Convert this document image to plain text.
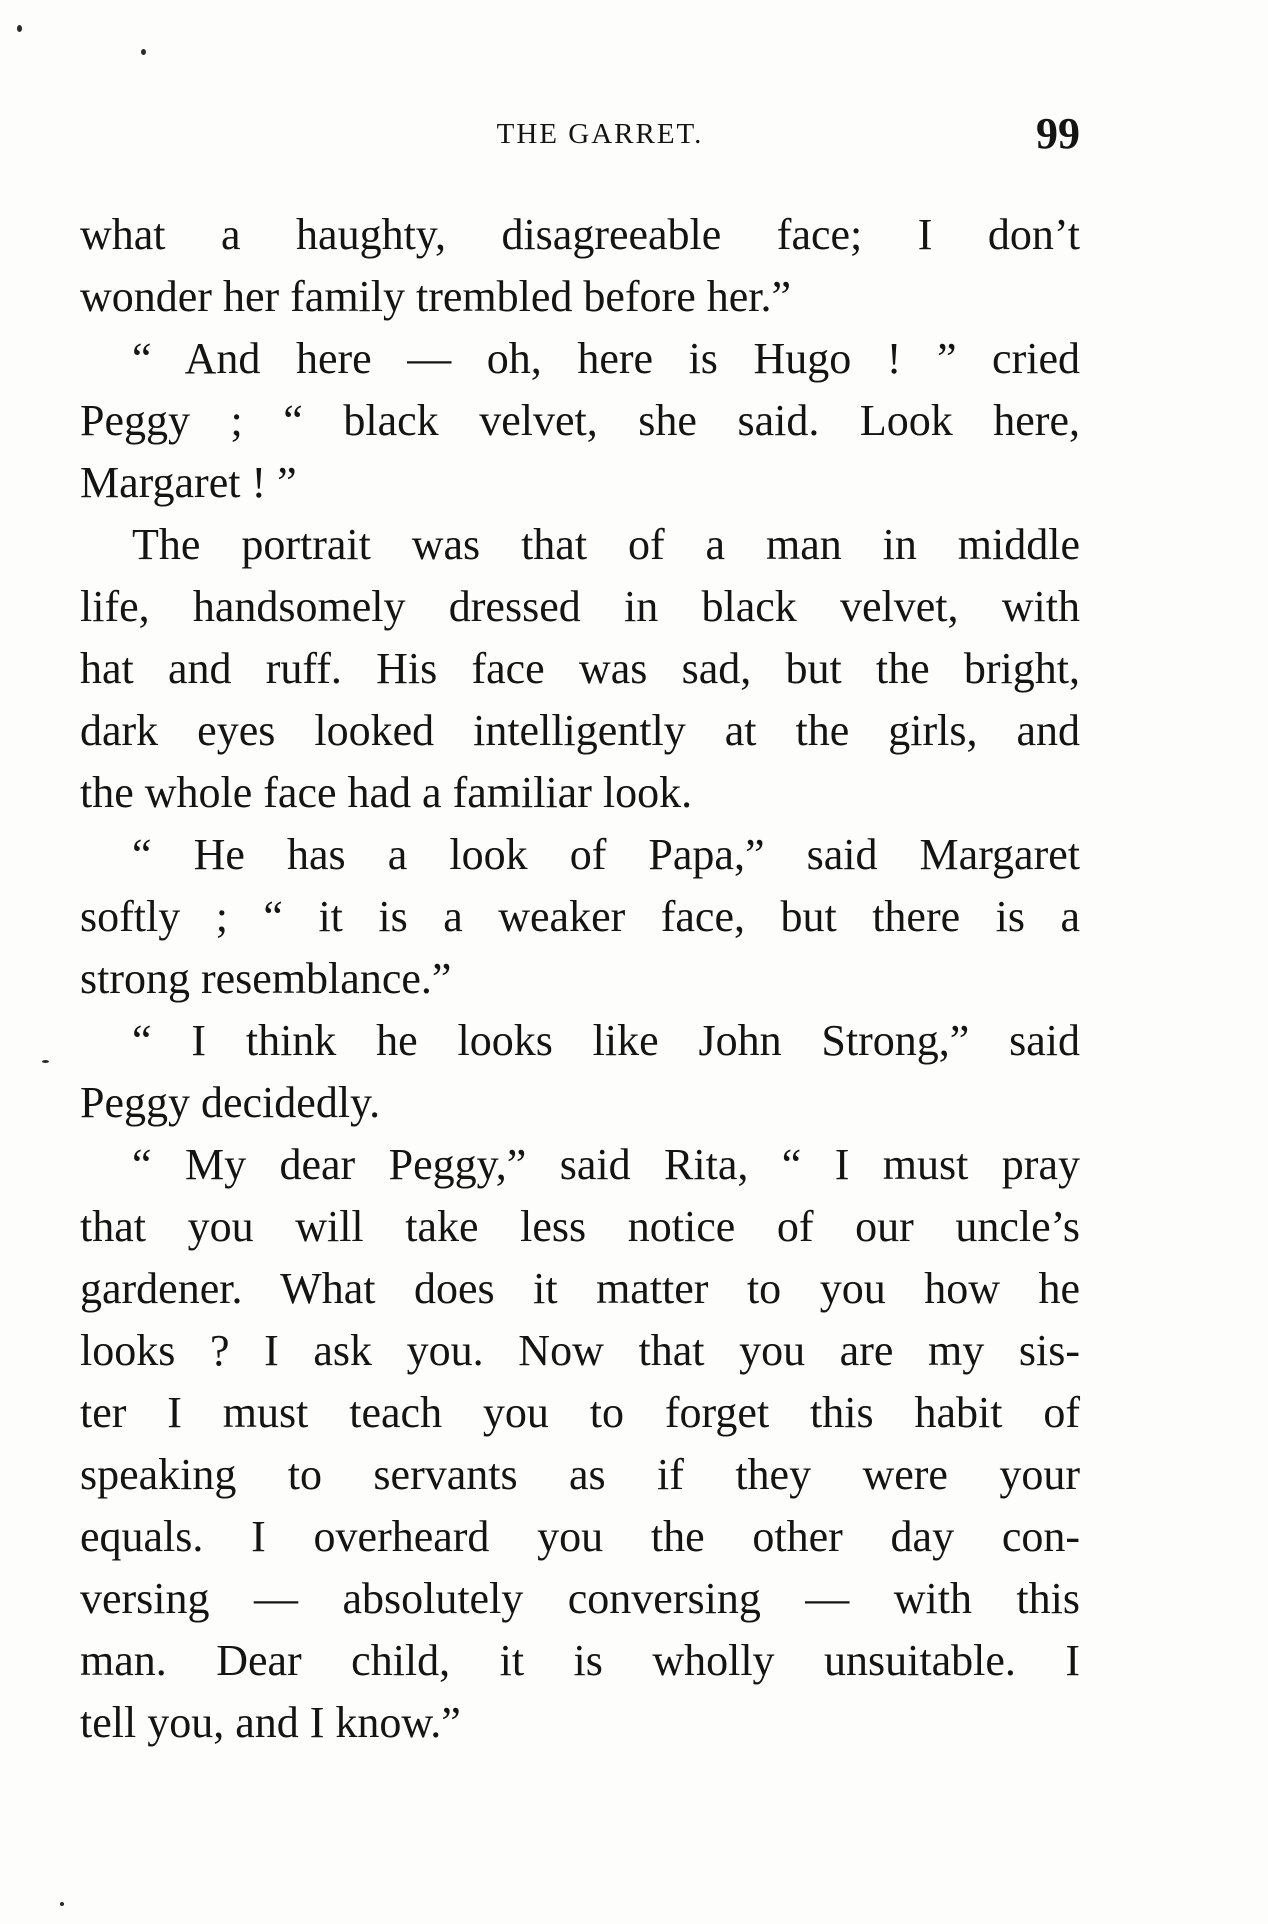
THE GARRET.	99
what a haughty, disagreeable face; I don’t
wonder her family trembled before her.”
“ And here — oh, here is Hugo ! ” cried
Peggy ; “ black velvet, she said. Look here,
Margaret ! ”
The portrait was that of a man in middle
life, handsomely dressed in black velvet, with
hat and ruff. His face was sad, but the bright,
dark eyes looked intelligently at the girls, and
the whole face had a familiar look.
“ He has a look of Papa,” said Margaret
softly ; “ it is a weaker face, but there is a
strong resemblance.”
“ I think he looks like John Strong,” said
Peggy decidedly.
“ My dear Peggy,” said Rita, “ I must pray
that you will take less notice of our uncle’s
gardener. What does it matter to you how he
looks ? I ask you. Now that you are my sis-
ter I must teach you to forget this habit of
speaking to servants as if they were your
equals. I overheard you the other day con-
versing — absolutely conversing — with this
man. Dear child, it is wholly unsuitable. I
tell you, and I know.”
